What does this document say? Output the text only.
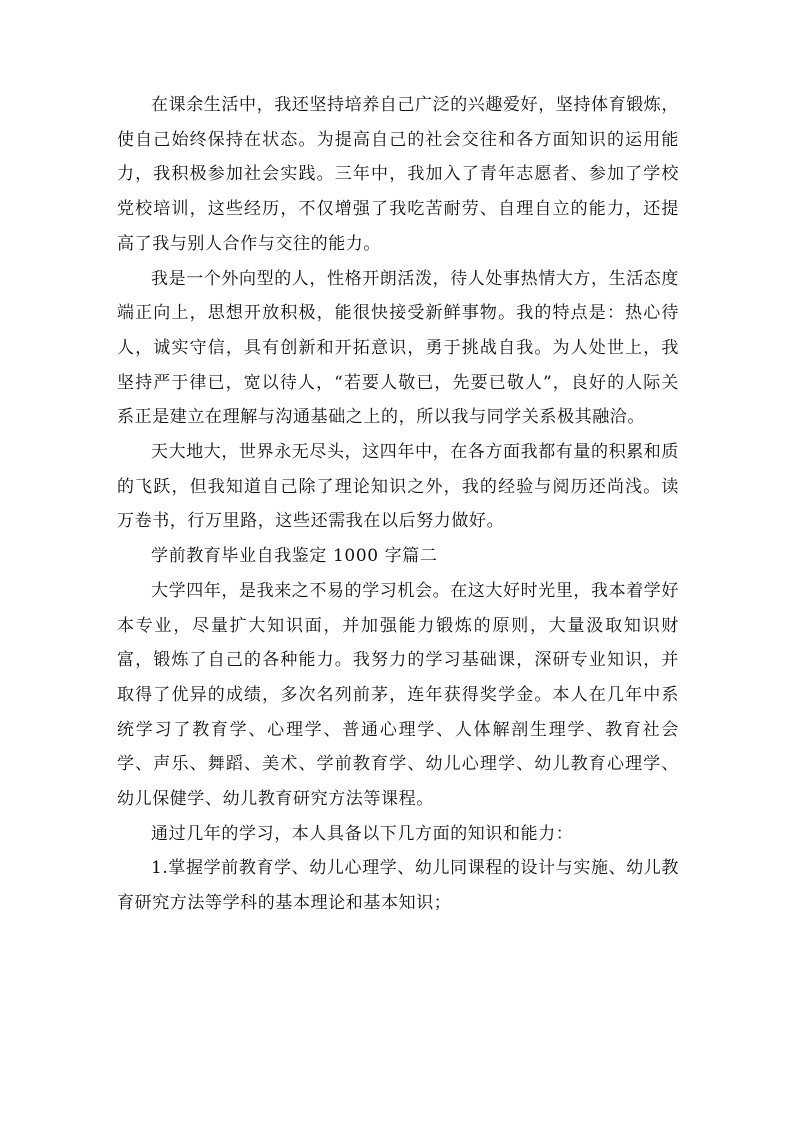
在课余生活中，我还坚持培养自己广泛的兴趣爱好，坚持体育锻炼，使自己始终保持在状态。为提高自己的社会交往和各方面知识的运用能力，我积极参加社会实践。三年中，我加入了青年志愿者、参加了学校党校培训，这些经历，不仅增强了我吃苦耐劳、自理自立的能力，还提高了我与别人合作与交往的能力。

我是一个外向型的人，性格开朗活泼，待人处事热情大方，生活态度端正向上，思想开放积极，能很快接受新鲜事物。我的特点是：热心待人，诚实守信，具有创新和开拓意识，勇于挑战自我。为人处世上，我坚持严于律已，宽以待人，“若要人敬已，先要已敬人”，良好的人际关系正是建立在理解与沟通基础之上的，所以我与同学关系极其融洽。

天大地大，世界永无尽头，这四年中，在各方面我都有量的积累和质的飞跃，但我知道自己除了理论知识之外，我的经验与阅历还尚浅。读万卷书，行万里路，这些还需我在以后努力做好。

学前教育毕业自我鉴定 1000 字篇二

大学四年，是我来之不易的学习机会。在这大好时光里，我本着学好本专业，尽量扩大知识面，并加强能力锻炼的原则，大量汲取知识财富，锻炼了自己的各种能力。我努力的学习基础课，深研专业知识，并取得了优异的成绩，多次名列前茅，连年获得奖学金。本人在几年中系统学习了教育学、心理学、普通心理学、人体解剖生理学、教育社会学、声乐、舞蹈、美术、学前教育学、幼儿心理学、幼儿教育心理学、幼儿保健学、幼儿教育研究方法等课程。

通过几年的学习，本人具备以下几方面的知识和能力：

1.掌握学前教育学、幼儿心理学、幼儿同课程的设计与实施、幼儿教育研究方法等学科的基本理论和基本知识；
